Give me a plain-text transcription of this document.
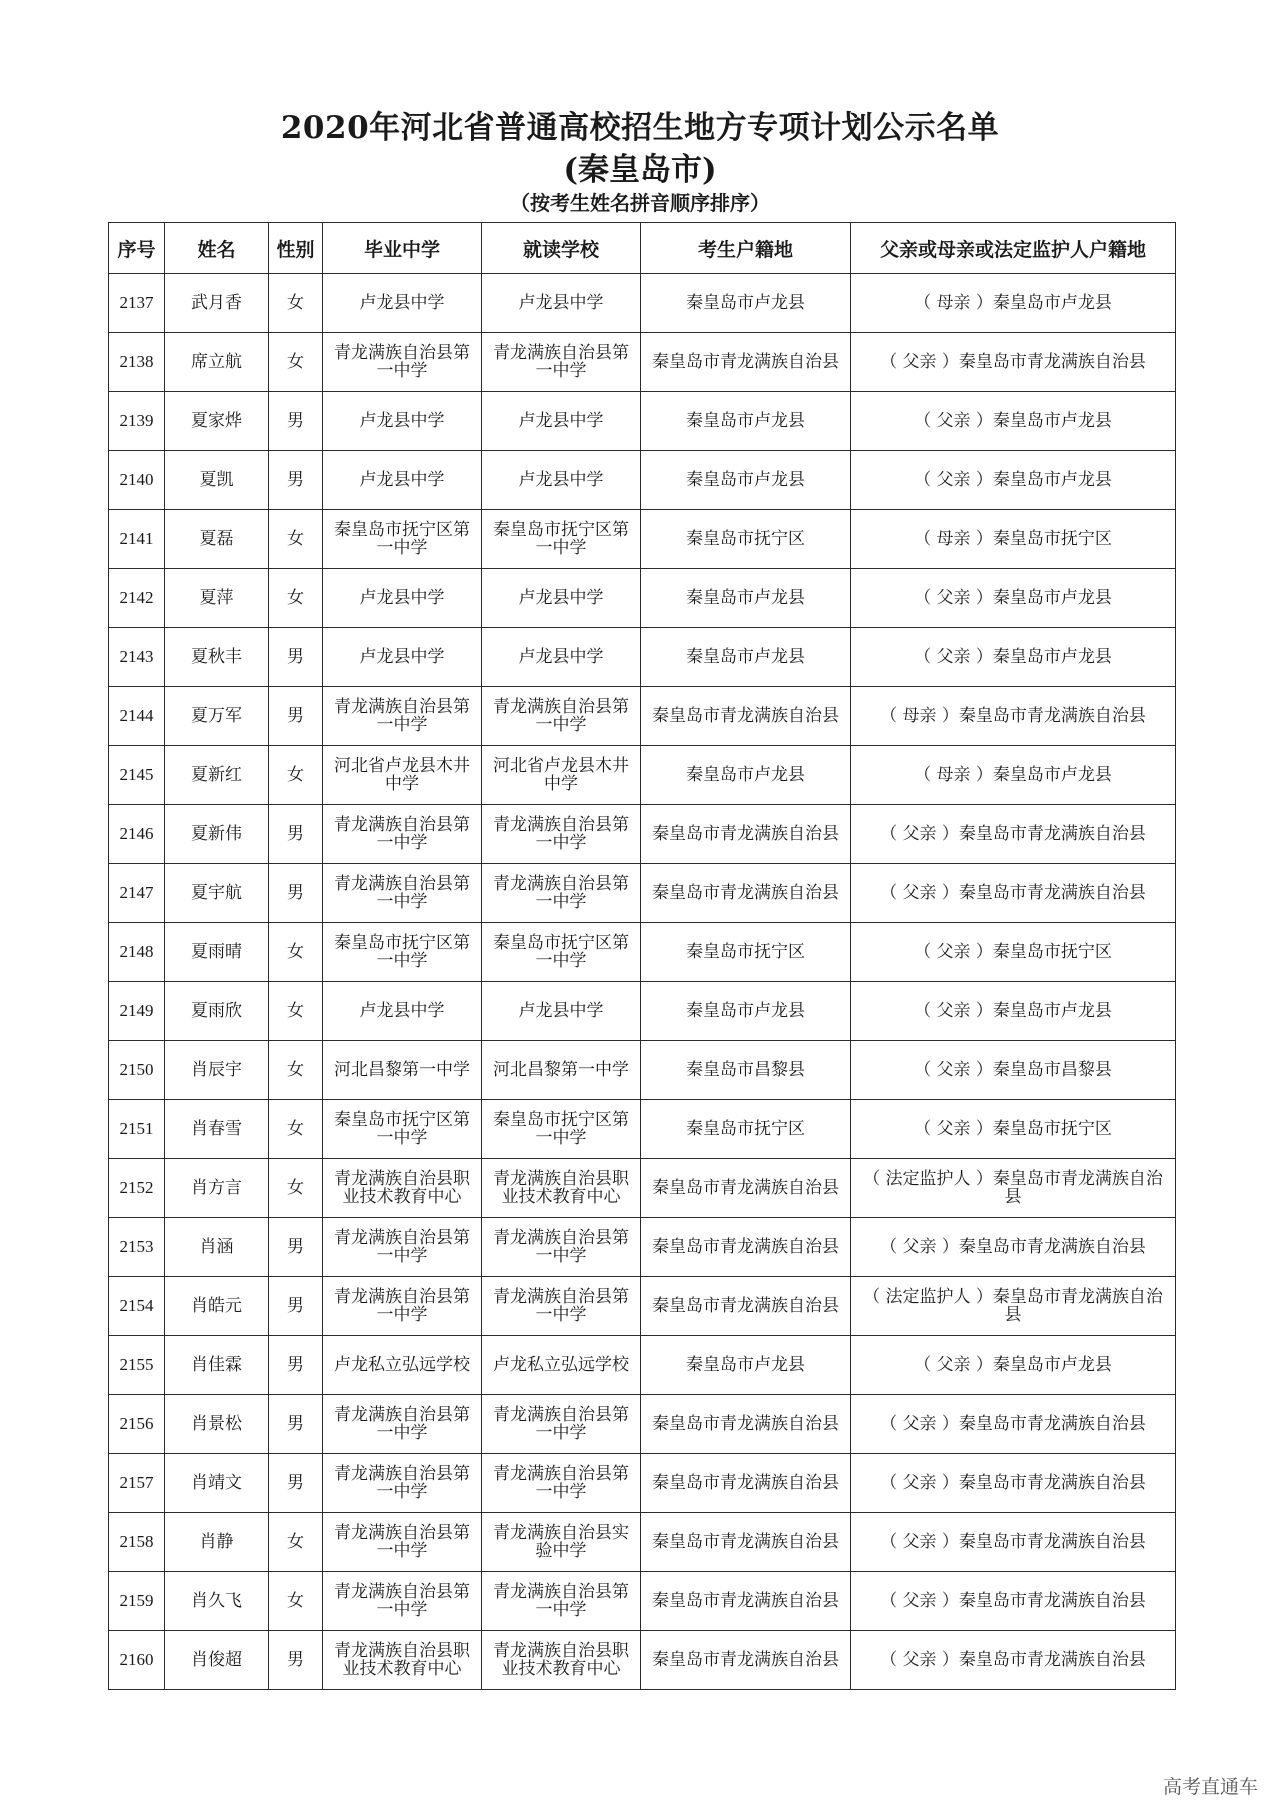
2020年河北省普通高校招生地方专项计划公示名单
(秦皇岛市)
（按考生姓名拼音顺序排序）
序号	姓名	性别	毕业中学	就读学校	考生户籍地	父亲或母亲或法定监护人户籍地
2137	武月香	女	卢龙县中学	卢龙县中学	秦皇岛市卢龙县	（ 母亲 ）秦皇岛市卢龙县
2138	席立航	女	青龙满族自治县第一中学	青龙满族自治县第一中学	秦皇岛市青龙满族自治县	（ 父亲 ）秦皇岛市青龙满族自治县
2139	夏家烨	男	卢龙县中学	卢龙县中学	秦皇岛市卢龙县	（ 父亲 ）秦皇岛市卢龙县
2140	夏凯	男	卢龙县中学	卢龙县中学	秦皇岛市卢龙县	（ 父亲 ）秦皇岛市卢龙县
2141	夏磊	女	秦皇岛市抚宁区第一中学	秦皇岛市抚宁区第一中学	秦皇岛市抚宁区	（ 母亲 ）秦皇岛市抚宁区
2142	夏萍	女	卢龙县中学	卢龙县中学	秦皇岛市卢龙县	（ 父亲 ）秦皇岛市卢龙县
2143	夏秋丰	男	卢龙县中学	卢龙县中学	秦皇岛市卢龙县	（ 父亲 ）秦皇岛市卢龙县
2144	夏万军	男	青龙满族自治县第一中学	青龙满族自治县第一中学	秦皇岛市青龙满族自治县	（ 母亲 ）秦皇岛市青龙满族自治县
2145	夏新红	女	河北省卢龙县木井中学	河北省卢龙县木井中学	秦皇岛市卢龙县	（ 母亲 ）秦皇岛市卢龙县
2146	夏新伟	男	青龙满族自治县第一中学	青龙满族自治县第一中学	秦皇岛市青龙满族自治县	（ 父亲 ）秦皇岛市青龙满族自治县
2147	夏宇航	男	青龙满族自治县第一中学	青龙满族自治县第一中学	秦皇岛市青龙满族自治县	（ 父亲 ）秦皇岛市青龙满族自治县
2148	夏雨晴	女	秦皇岛市抚宁区第一中学	秦皇岛市抚宁区第一中学	秦皇岛市抚宁区	（ 父亲 ）秦皇岛市抚宁区
2149	夏雨欣	女	卢龙县中学	卢龙县中学	秦皇岛市卢龙县	（ 父亲 ）秦皇岛市卢龙县
2150	肖辰宇	女	河北昌黎第一中学	河北昌黎第一中学	秦皇岛市昌黎县	（ 父亲 ）秦皇岛市昌黎县
2151	肖春雪	女	秦皇岛市抚宁区第一中学	秦皇岛市抚宁区第一中学	秦皇岛市抚宁区	（ 父亲 ）秦皇岛市抚宁区
2152	肖方言	女	青龙满族自治县职业技术教育中心	青龙满族自治县职业技术教育中心	秦皇岛市青龙满族自治县	（ 法定监护人 ）秦皇岛市青龙满族自治县
2153	肖涵	男	青龙满族自治县第一中学	青龙满族自治县第一中学	秦皇岛市青龙满族自治县	（ 父亲 ）秦皇岛市青龙满族自治县
2154	肖皓元	男	青龙满族自治县第一中学	青龙满族自治县第一中学	秦皇岛市青龙满族自治县	（ 法定监护人 ）秦皇岛市青龙满族自治县
2155	肖佳霖	男	卢龙私立弘远学校	卢龙私立弘远学校	秦皇岛市卢龙县	（ 父亲 ）秦皇岛市卢龙县
2156	肖景松	男	青龙满族自治县第一中学	青龙满族自治县第一中学	秦皇岛市青龙满族自治县	（ 父亲 ）秦皇岛市青龙满族自治县
2157	肖靖文	男	青龙满族自治县第一中学	青龙满族自治县第一中学	秦皇岛市青龙满族自治县	（ 父亲 ）秦皇岛市青龙满族自治县
2158	肖静	女	青龙满族自治县第一中学	青龙满族自治县实验中学	秦皇岛市青龙满族自治县	（ 父亲 ）秦皇岛市青龙满族自治县
2159	肖久飞	女	青龙满族自治县第一中学	青龙满族自治县第一中学	秦皇岛市青龙满族自治县	（ 父亲 ）秦皇岛市青龙满族自治县
2160	肖俊超	男	青龙满族自治县职业技术教育中心	青龙满族自治县职业技术教育中心	秦皇岛市青龙满族自治县	（ 父亲 ）秦皇岛市青龙满族自治县
高考直通车
